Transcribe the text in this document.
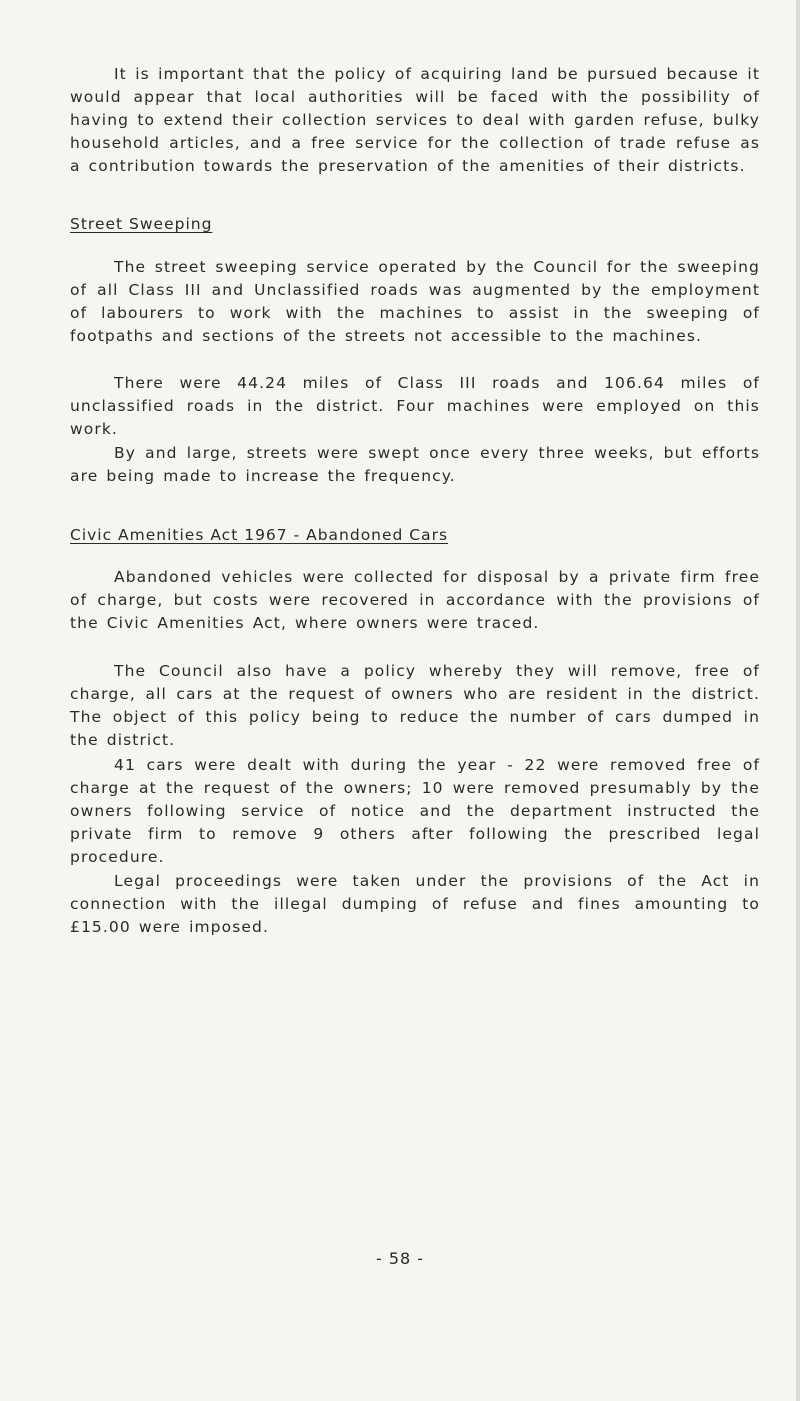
It is important that the policy of acquiring land be pursued because it would appear that local authorities will be faced with the possibility of having to extend their collection services to deal with garden refuse, bulky household articles, and a free service for the collection of trade refuse as a contribution towards the preservation of the amenities of their districts.

Street Sweeping

The street sweeping service operated by the Council for the sweeping of all Class III and Unclassified roads was augmented by the employment of labourers to work with the machines to assist in the sweeping of footpaths and sections of the streets not accessible to the machines.

There were 44.24 miles of Class III roads and 106.64 miles of unclassified roads in the district. Four machines were employed on this work.

By and large, streets were swept once every three weeks, but efforts are being made to increase the frequency.

Civic Amenities Act 1967 - Abandoned Cars

Abandoned vehicles were collected for disposal by a private firm free of charge, but costs were recovered in accordance with the provisions of the Civic Amenities Act, where owners were traced.

The Council also have a policy whereby they will remove, free of charge, all cars at the request of owners who are resident in the district. The object of this policy being to reduce the number of cars dumped in the district.

41 cars were dealt with during the year - 22 were removed free of charge at the request of the owners; 10 were removed presumably by the owners following service of notice and the department instructed the private firm to remove 9 others after following the prescribed legal procedure.

Legal proceedings were taken under the provisions of the Act in connection with the illegal dumping of refuse and fines amounting to £15.00 were imposed.

- 58 -
